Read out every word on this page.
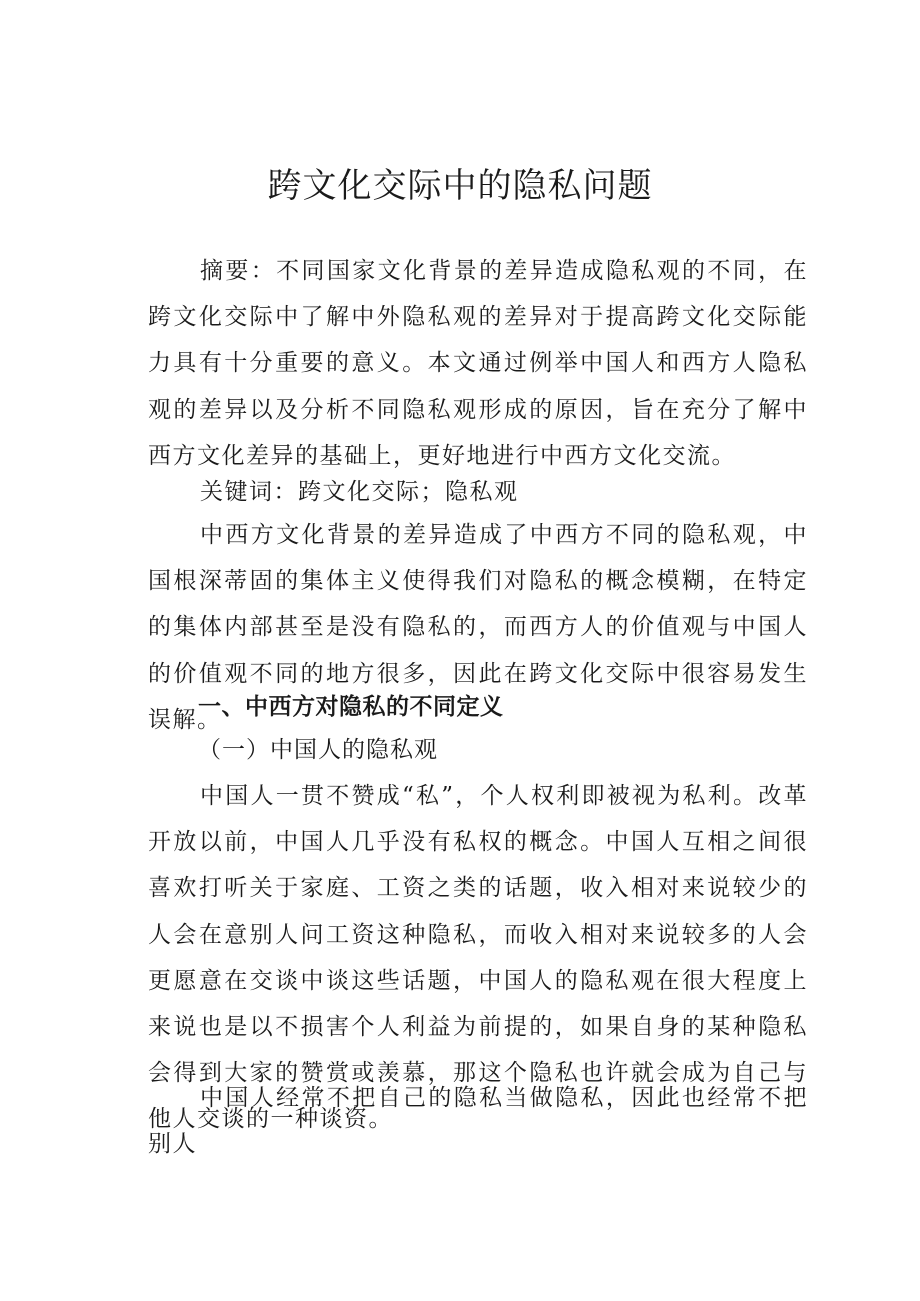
跨文化交际中的隐私问题

摘要：不同国家文化背景的差异造成隐私观的不同，在跨文化交际中了解中外隐私观的差异对于提高跨文化交际能力具有十分重要的意义。本文通过例举中国人和西方人隐私观的差异以及分析不同隐私观形成的原因，旨在充分了解中西方文化差异的基础上，更好地进行中西方文化交流。

关键词：跨文化交际；隐私观

中西方文化背景的差异造成了中西方不同的隐私观，中国根深蒂固的集体主义使得我们对隐私的概念模糊，在特定的集体内部甚至是没有隐私的，而西方人的价值观与中国人的价值观不同的地方很多，因此在跨文化交际中很容易发生误解。

一、中西方对隐私的不同定义
（一）中国人的隐私观

中国人一贯不赞成“私”，个人权利即被视为私利。改革开放以前，中国人几乎没有私权的概念。中国人互相之间很喜欢打听关于家庭、工资之类的话题，收入相对来说较少的人会在意别人问工资这种隐私，而收入相对来说较多的人会更愿意在交谈中谈这些话题，中国人的隐私观在很大程度上来说也是以不损害个人利益为前提的，如果自身的某种隐私会得到大家的赞赏或羡慕，那这个隐私也许就会成为自己与他人交谈的一种谈资。

中国人经常不把自己的隐私当做隐私，因此也经常不把别人
